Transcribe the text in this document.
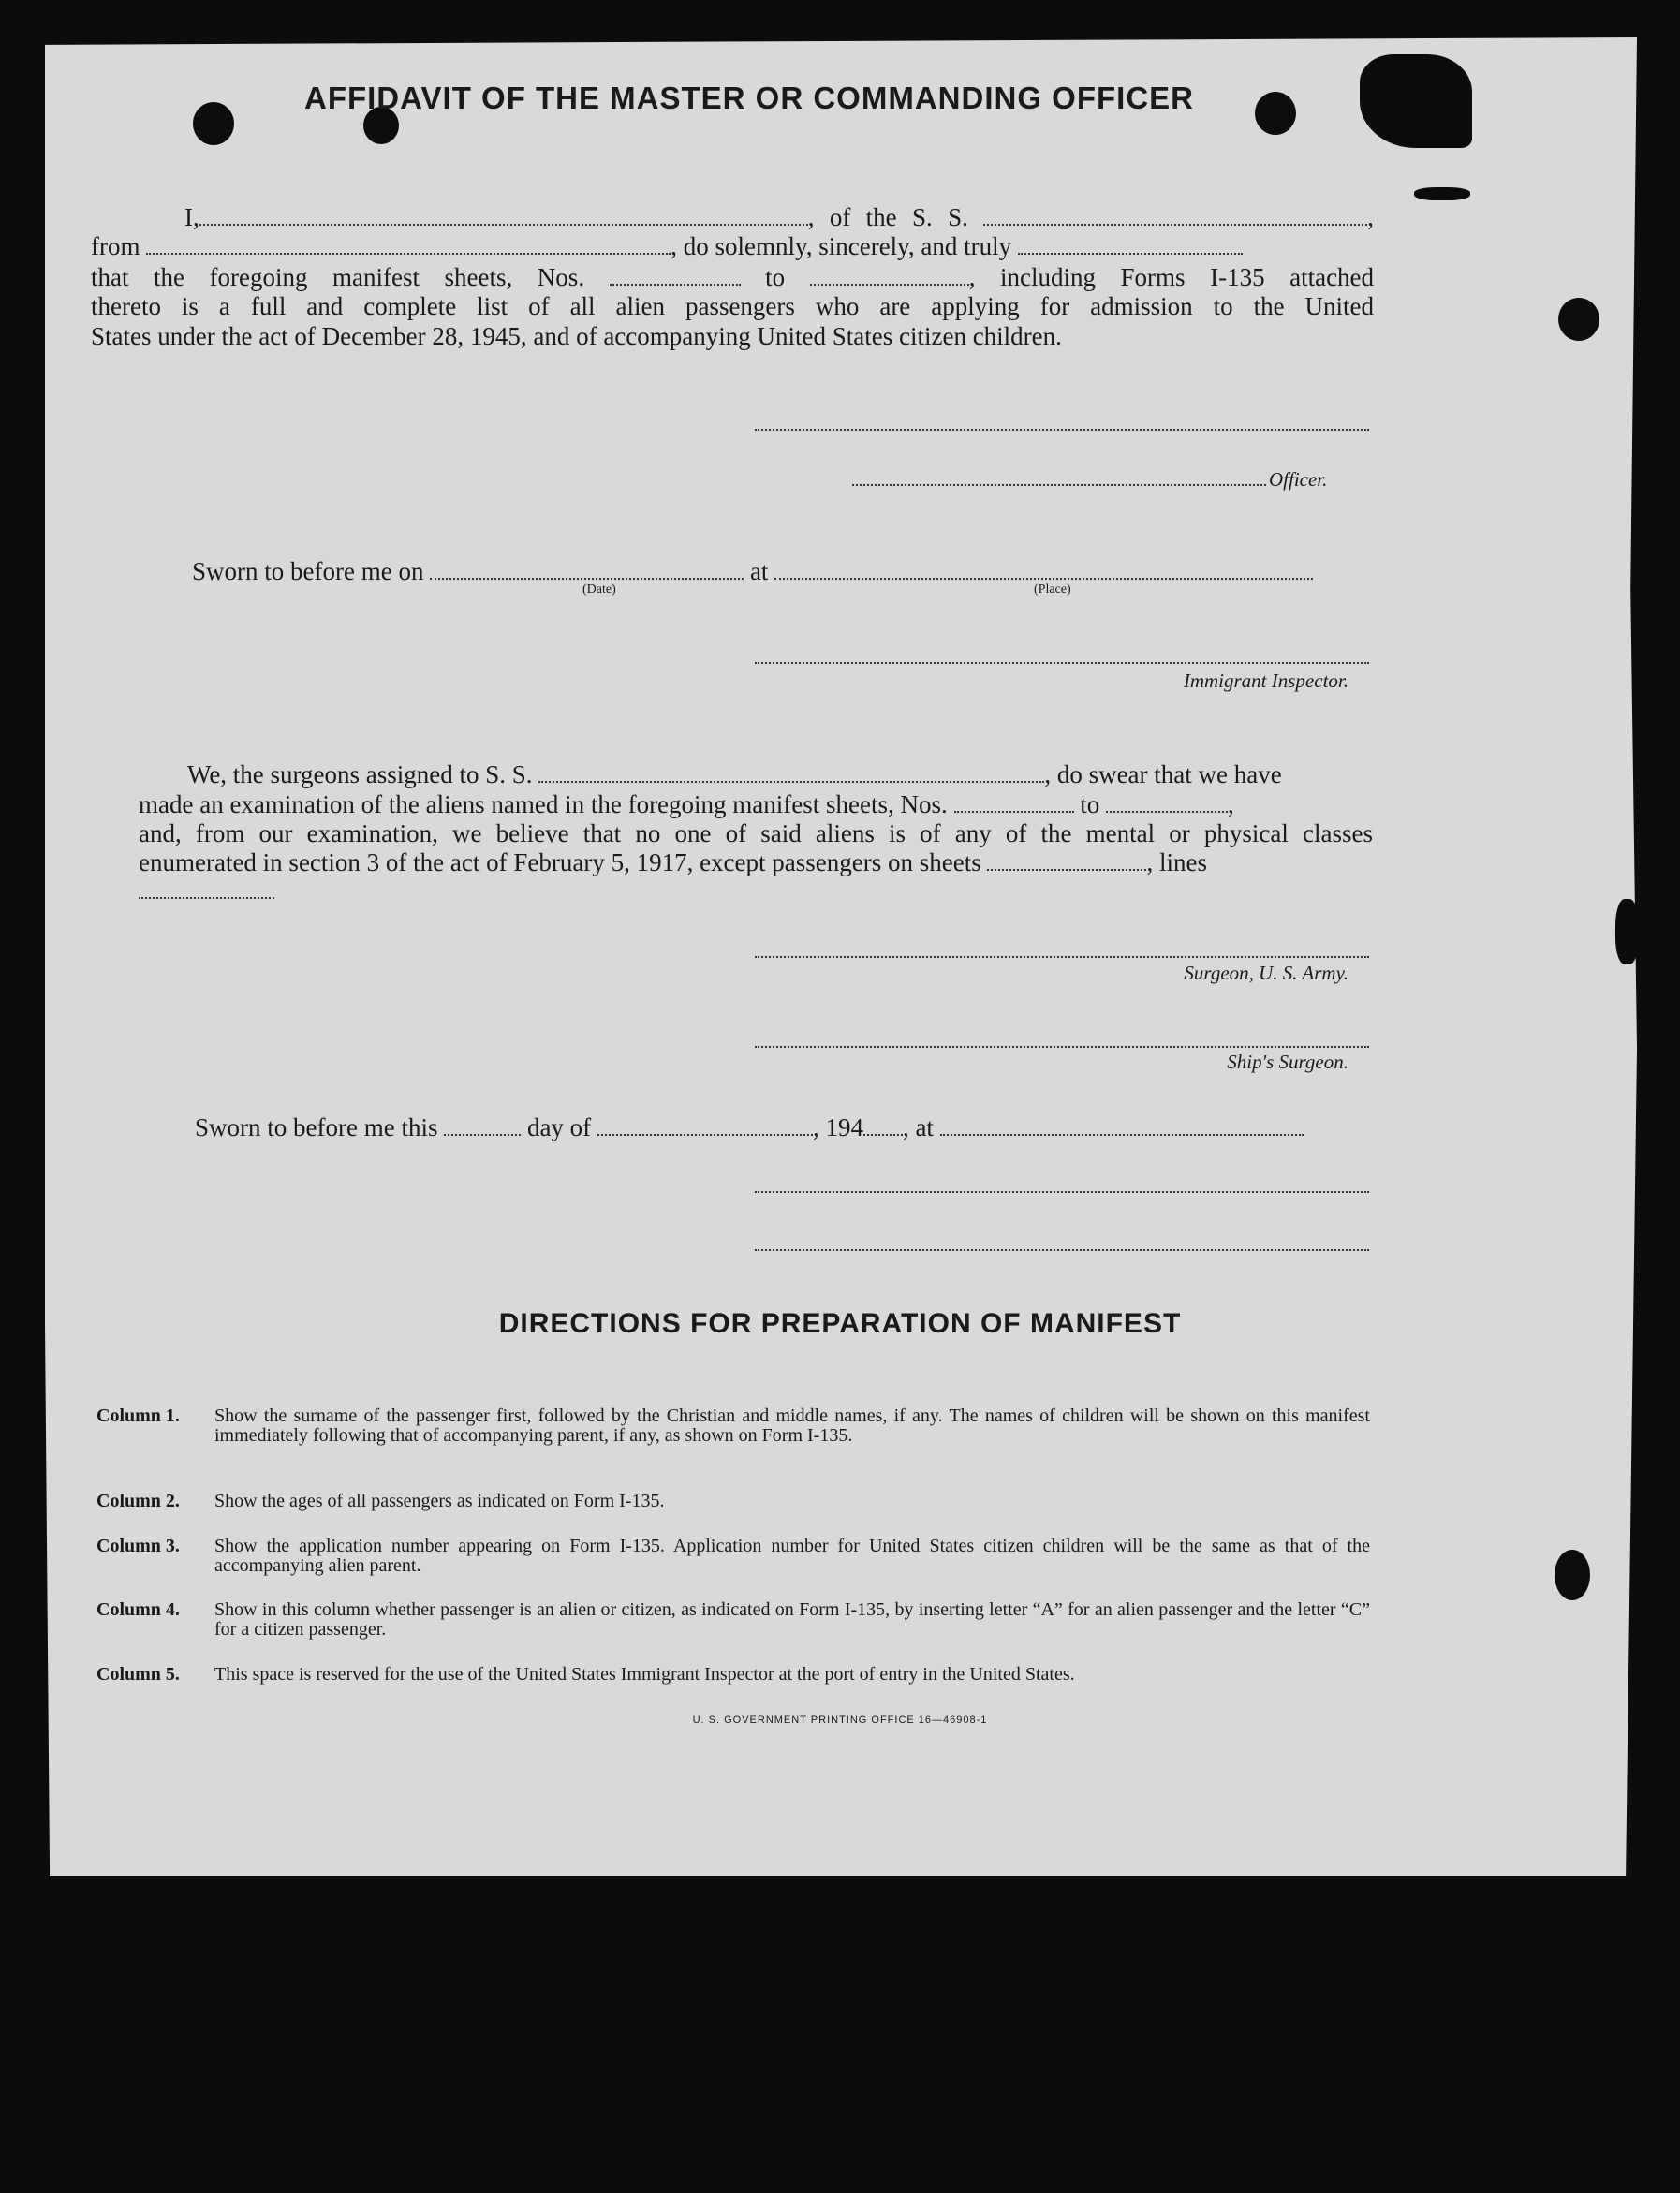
AFFIDAVIT OF THE MASTER OR COMMANDING OFFICER
I,	, of the S. S.	,
from	, do solemnly, sincerely, and truly
that the foregoing manifest sheets, Nos.	to	, including Forms I-135 attached
thereto is a full and complete list of all alien passengers who are applying for admission to the United
States under the act of December 28, 1945, and of accompanying United States citizen children.
Officer.
Sworn to before me on	at
(Date)	(Place)
Immigrant Inspector.
We, the surgeons assigned to S. S.	, do swear that we have
made an examination of the aliens named in the foregoing manifest sheets, Nos.	to	,
and, from our examination, we believe that no one of said aliens is of any of the mental or physical classes
enumerated in section 3 of the act of February 5, 1917, except passengers on sheets	, lines
Surgeon, U. S. Army.
Ship's Surgeon.
Sworn to before me this	day of	, 194 , at
DIRECTIONS FOR PREPARATION OF MANIFEST
Column 1.	Show the surname of the passenger first, followed by the Christian and middle names, if any. The names of children will be shown on this manifest immediately following that of accompanying parent, if any, as shown on Form I-135.
Column 2.	Show the ages of all passengers as indicated on Form I-135.
Column 3.	Show the application number appearing on Form I-135. Application number for United States citizen children will be the same as that of the accompanying alien parent.
Column 4.	Show in this column whether passenger is an alien or citizen, as indicated on Form I-135, by inserting letter “A” for an alien passenger and the letter “C” for a citizen passenger.
Column 5.	This space is reserved for the use of the United States Immigrant Inspector at the port of entry in the United States.
U. S. GOVERNMENT PRINTING OFFICE 16—46908-1
